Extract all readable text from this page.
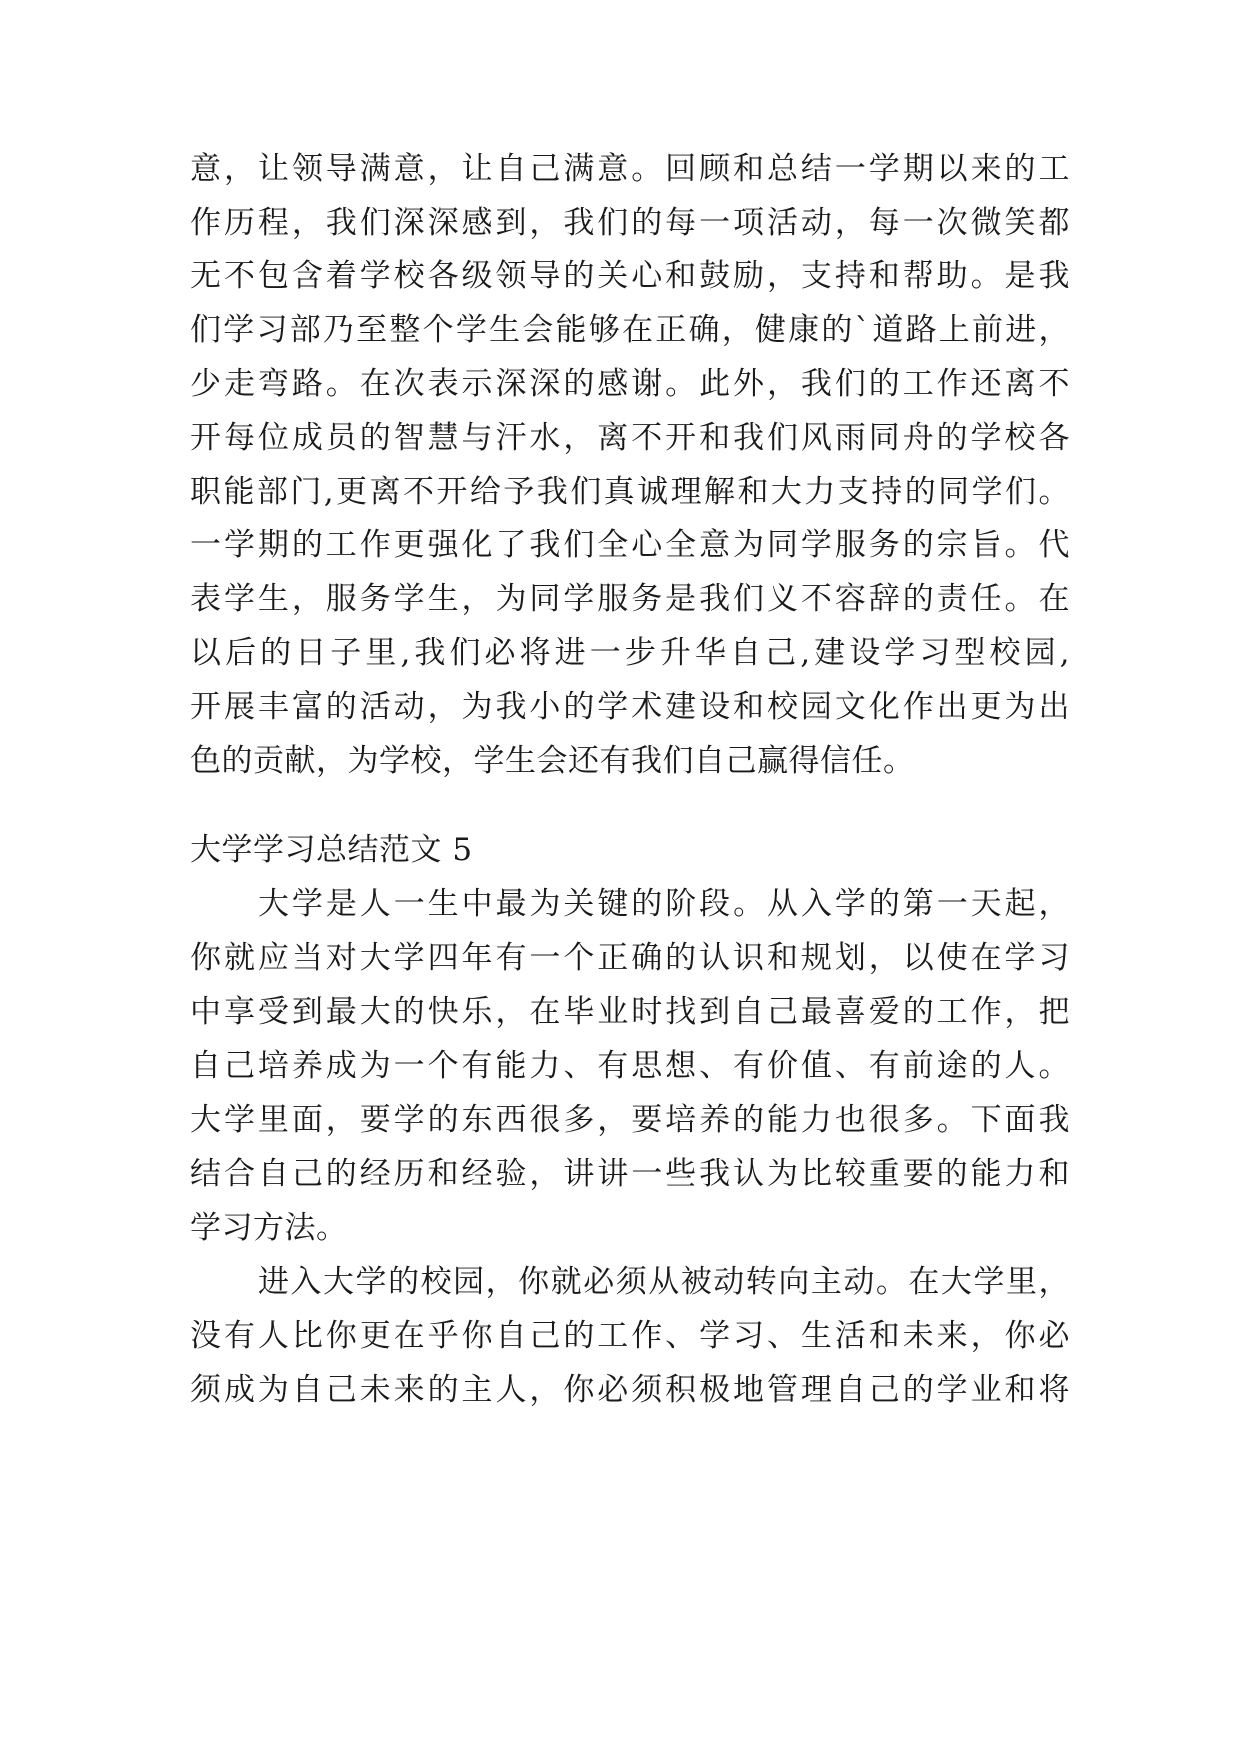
意，让领导满意，让自己满意。回顾和总结一学期以来的工
作历程，我们深深感到，我们的每一项活动，每一次微笑都
无不包含着学校各级领导的关心和鼓励，支持和帮助。是我
们学习部乃至整个学生会能够在正确，健康的`道路上前进，
少走弯路。在次表示深深的感谢。此外，我们的工作还离不
开每位成员的智慧与汗水，离不开和我们风雨同舟的学校各
职能部门,更离不开给予我们真诚理解和大力支持的同学们。
一学期的工作更强化了我们全心全意为同学服务的宗旨。代
表学生，服务学生，为同学服务是我们义不容辞的责任。在
以后的日子里,我们必将进一步升华自己,建设学习型校园,
开展丰富的活动，为我小的学术建设和校园文化作出更为出
色的贡献，为学校，学生会还有我们自己赢得信任。
大学学习总结范文 5
大学是人一生中最为关键的阶段。从入学的第一天起，
你就应当对大学四年有一个正确的认识和规划，以使在学习
中享受到最大的快乐，在毕业时找到自己最喜爱的工作，把
自己培养成为一个有能力、有思想、有价值、有前途的人。
大学里面，要学的东西很多，要培养的能力也很多。下面我
结合自己的经历和经验，讲讲一些我认为比较重要的能力和
学习方法。
进入大学的校园，你就必须从被动转向主动。在大学里，
没有人比你更在乎你自己的工作、学习、生活和未来，你必
须成为自己未来的主人，你必须积极地管理自己的学业和将
